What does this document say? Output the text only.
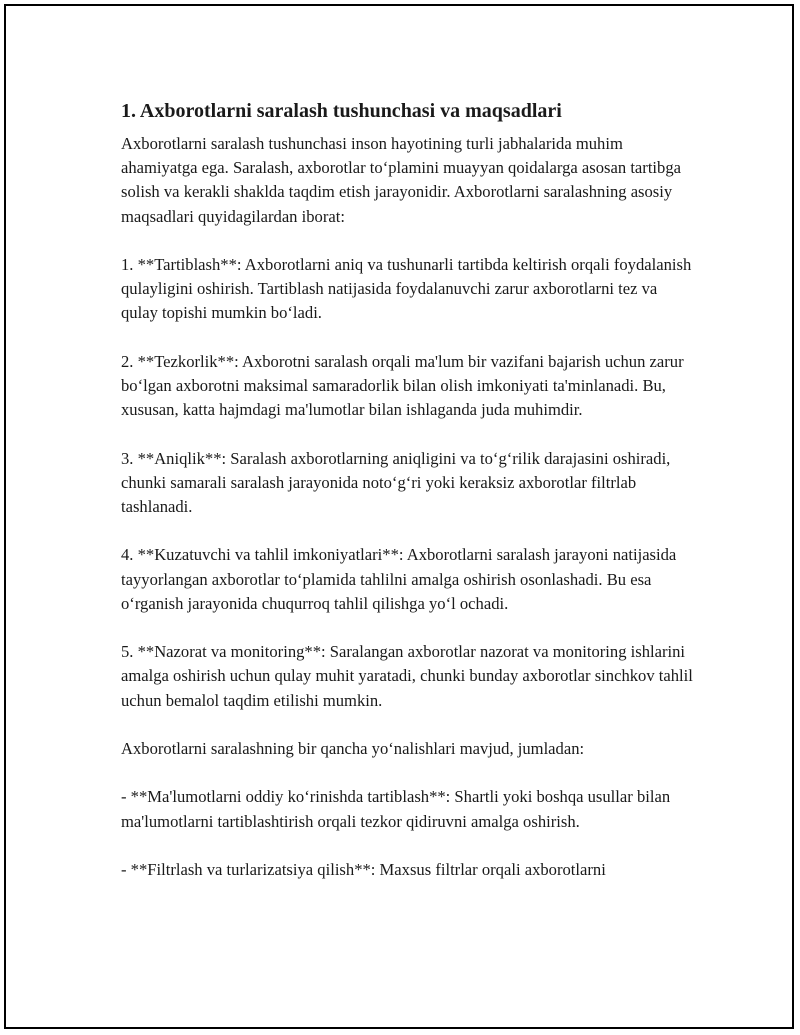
1. Axborotlarni saralash tushunchasi va maqsadlari

Axborotlarni saralash tushunchasi inson hayotining turli jabhalarida muhim ahamiyatga ega. Saralash, axborotlar to‘plamini muayyan qoidalarga asosan tartibga solish va kerakli shaklda taqdim etish jarayonidir. Axborotlarni saralashning asosiy maqsadlari quyidagilardan iborat:

1. **Tartiblash**: Axborotlarni aniq va tushunarli tartibda keltirish orqali foydalanish qulayligini oshirish. Tartiblash natijasida foydalanuvchi zarur axborotlarni tez va qulay topishi mumkin bo‘ladi.

2. **Tezkorlik**: Axborotni saralash orqali ma'lum bir vazifani bajarish uchun zarur bo‘lgan axborotni maksimal samaradorlik bilan olish imkoniyati ta'minlanadi. Bu, xususan, katta hajmdagi ma'lumotlar bilan ishlaganda juda muhimdir.

3. **Aniqlik**: Saralash axborotlarning aniqligini va to‘g‘rilik darajasini oshiradi, chunki samarali saralash jarayonida noto‘g‘ri yoki keraksiz axborotlar filtrlab tashlanadi.

4. **Kuzatuvchi va tahlil imkoniyatlari**: Axborotlarni saralash jarayoni natijasida tayyorlangan axborotlar to‘plamida tahlilni amalga oshirish osonlashadi. Bu esa o‘rganish jarayonida chuqurroq tahlil qilishga yo‘l ochadi.

5. **Nazorat va monitoring**: Saralangan axborotlar nazorat va monitoring ishlarini amalga oshirish uchun qulay muhit yaratadi, chunki bunday axborotlar sinchkov tahlil uchun bemalol taqdim etilishi mumkin.

Axborotlarni saralashning bir qancha yo‘nalishlari mavjud, jumladan:

- **Ma'lumotlarni oddiy ko‘rinishda tartiblash**: Shartli yoki boshqa usullar bilan ma'lumotlarni tartiblashtirish orqali tezkor qidiruvni amalga oshirish.

- **Filtrlash va turlarizatsiya qilish**: Maxsus filtrlar orqali axborotlarni
